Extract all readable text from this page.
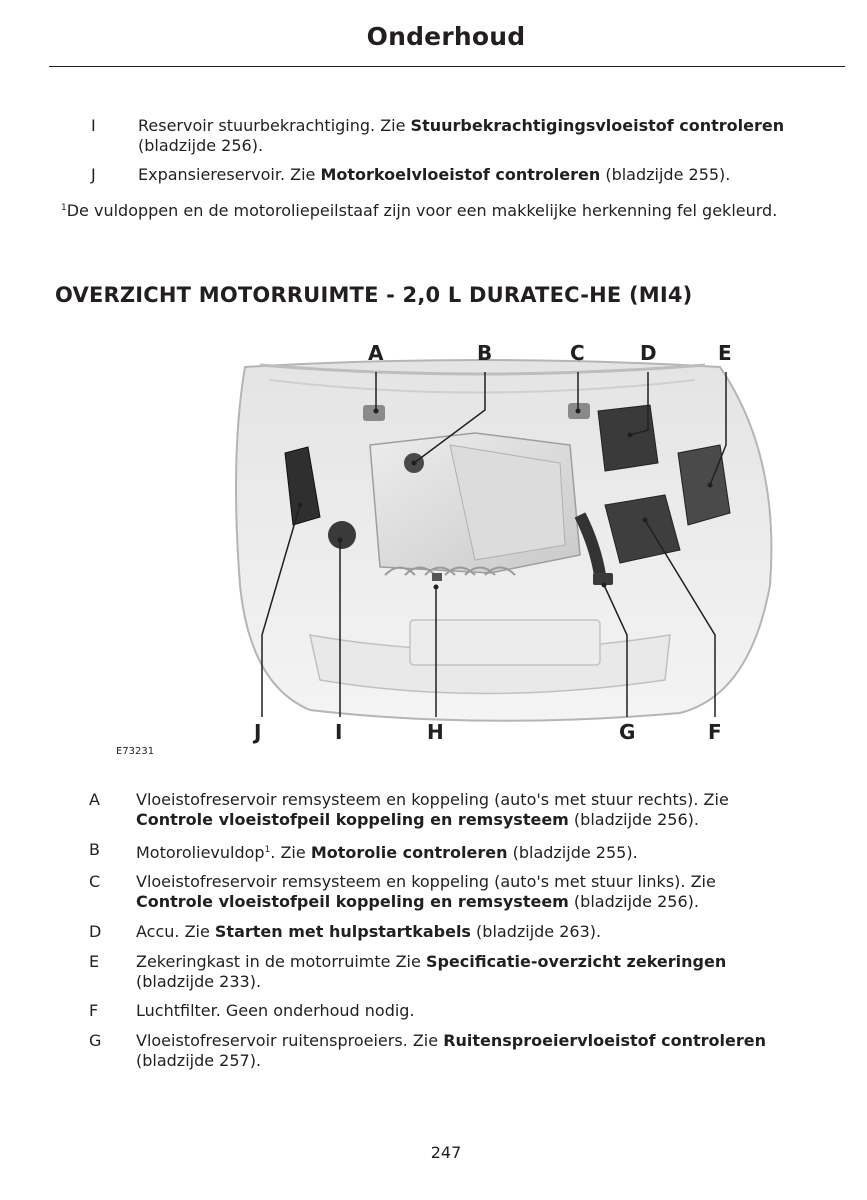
Onderhoud
I	Reservoir stuurbekrachtiging. Zie Stuurbekrachtigingsvloeistof controleren
(bladzijde 256).
J	Expansiereservoir. Zie Motorkoelvloeistof controleren (bladzijde 255).
$^1$De vuldoppen en de motoroliepeilstaaf zijn voor een makkelijke herkenning fel gekleurd.
OVERZICHT MOTORRUIMTE - 2,0 L DURATEC-HE (MI4)
A	B	C	D	E
J	I	H	G	F
E73231
A	Vloeistofreservoir remsysteem en koppeling (auto's met stuur rechts). Zie
Controle vloeistofpeil koppeling en remsysteem (bladzijde 256).
B	Motorolievuldop$^1$. Zie Motorolie controleren (bladzijde 255).
C	Vloeistofreservoir remsysteem en koppeling (auto's met stuur links). Zie
Controle vloeistofpeil koppeling en remsysteem (bladzijde 256).
D	Accu. Zie Starten met hulpstartkabels (bladzijde 263).
E	Zekeringkast in de motorruimte Zie Specificatie-overzicht zekeringen
(bladzijde 233).
F	Luchtfilter. Geen onderhoud nodig.
G	Vloeistofreservoir ruitensproeiers. Zie Ruitensproeiervloeistof controleren
(bladzijde 257).
247
